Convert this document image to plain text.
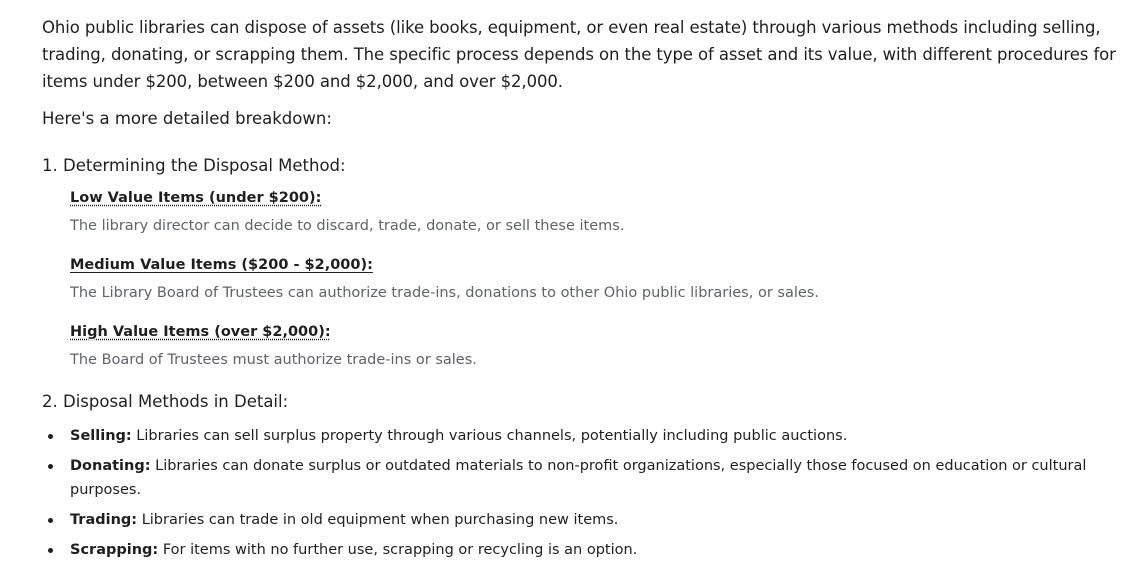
Ohio public libraries can dispose of assets (like books, equipment, or even real estate) through various methods including selling, trading, donating, or scrapping them. The specific process depends on the type of asset and its value, with different procedures for items under $200, between $200 and $2,000, and over $2,000.

Here's a more detailed breakdown:

1. Determining the Disposal Method:

Low Value Items (under $200):
The library director can decide to discard, trade, donate, or sell these items.
Medium Value Items ($200 - $2,000):
The Library Board of Trustees can authorize trade-ins, donations to other Ohio public libraries, or sales.
High Value Items (over $2,000):
The Board of Trustees must authorize trade-ins or sales.

2. Disposal Methods in Detail:

Selling: Libraries can sell surplus property through various channels, potentially including public auctions.
Donating: Libraries can donate surplus or outdated materials to non-profit organizations, especially those focused on education or cultural purposes.
Trading: Libraries can trade in old equipment when purchasing new items.
Scrapping: For items with no further use, scrapping or recycling is an option.
